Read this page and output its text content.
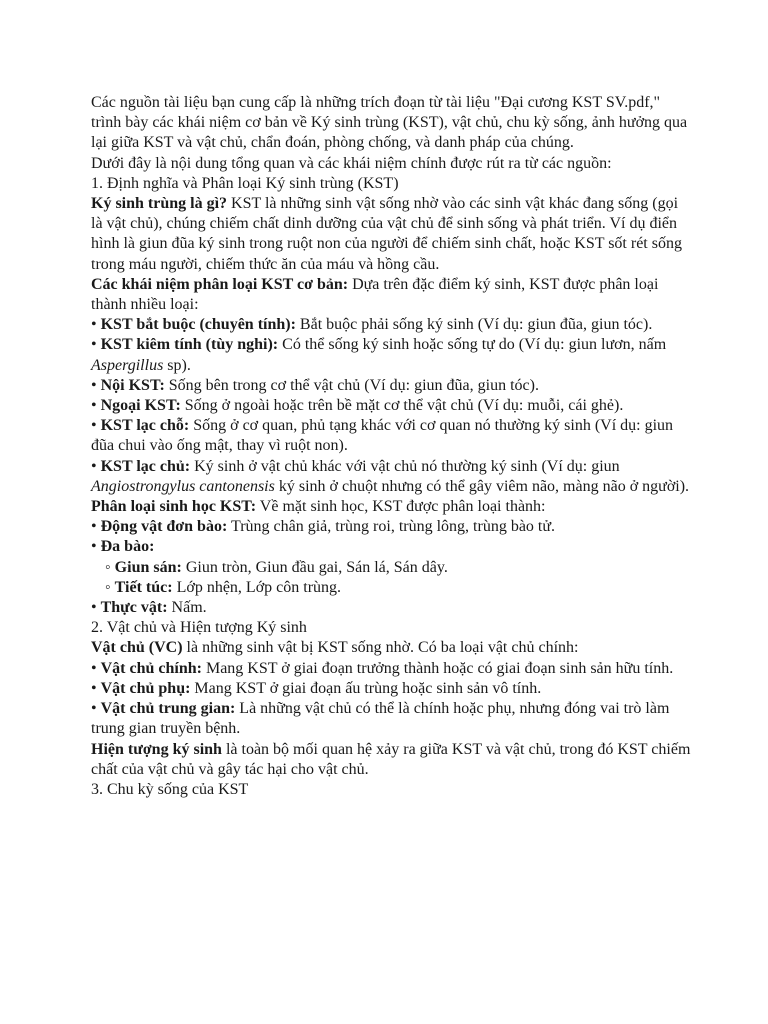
Các nguồn tài liệu bạn cung cấp là những trích đoạn từ tài liệu "Đại cương KST SV.pdf," trình bày các khái niệm cơ bản về Ký sinh trùng (KST), vật chủ, chu kỳ sống, ảnh hưởng qua lại giữa KST và vật chủ, chẩn đoán, phòng chống, và danh pháp của chúng.

Dưới đây là nội dung tổng quan và các khái niệm chính được rút ra từ các nguồn:

1. Định nghĩa và Phân loại Ký sinh trùng (KST)

Ký sinh trùng là gì? KST là những sinh vật sống nhờ vào các sinh vật khác đang sống (gọi là vật chủ), chúng chiếm chất dinh dưỡng của vật chủ để sinh sống và phát triển. Ví dụ điển hình là giun đũa ký sinh trong ruột non của người để chiếm sinh chất, hoặc KST sốt rét sống trong máu người, chiếm thức ăn của máu và hồng cầu.

Các khái niệm phân loại KST cơ bản: Dựa trên đặc điểm ký sinh, KST được phân loại thành nhiều loại:

• KST bắt buộc (chuyên tính): Bắt buộc phải sống ký sinh (Ví dụ: giun đũa, giun tóc).

• KST kiêm tính (tùy nghi): Có thể sống ký sinh hoặc sống tự do (Ví dụ: giun lươn, nấm Aspergillus sp).

• Nội KST: Sống bên trong cơ thể vật chủ (Ví dụ: giun đũa, giun tóc).

• Ngoại KST: Sống ở ngoài hoặc trên bề mặt cơ thể vật chủ (Ví dụ: muỗi, cái ghẻ).

• KST lạc chỗ: Sống ở cơ quan, phủ tạng khác với cơ quan nó thường ký sinh (Ví dụ: giun đũa chui vào ống mật, thay vì ruột non).

• KST lạc chủ: Ký sinh ở vật chủ khác với vật chủ nó thường ký sinh (Ví dụ: giun Angiostrongylus cantonensis ký sinh ở chuột nhưng có thể gây viêm não, màng não ở người).

Phân loại sinh học KST: Về mặt sinh học, KST được phân loại thành:

• Động vật đơn bào: Trùng chân giả, trùng roi, trùng lông, trùng bào tử.

• Đa bào:

◦ Giun sán: Giun tròn, Giun đầu gai, Sán lá, Sán dây.

◦ Tiết túc: Lớp nhện, Lớp côn trùng.

• Thực vật: Nấm.

2. Vật chủ và Hiện tượng Ký sinh

Vật chủ (VC) là những sinh vật bị KST sống nhờ. Có ba loại vật chủ chính:

• Vật chủ chính: Mang KST ở giai đoạn trưởng thành hoặc có giai đoạn sinh sản hữu tính.

• Vật chủ phụ: Mang KST ở giai đoạn ấu trùng hoặc sinh sản vô tính.

• Vật chủ trung gian: Là những vật chủ có thể là chính hoặc phụ, nhưng đóng vai trò làm trung gian truyền bệnh.

Hiện tượng ký sinh là toàn bộ mối quan hệ xảy ra giữa KST và vật chủ, trong đó KST chiếm chất của vật chủ và gây tác hại cho vật chủ.

3. Chu kỳ sống của KST
